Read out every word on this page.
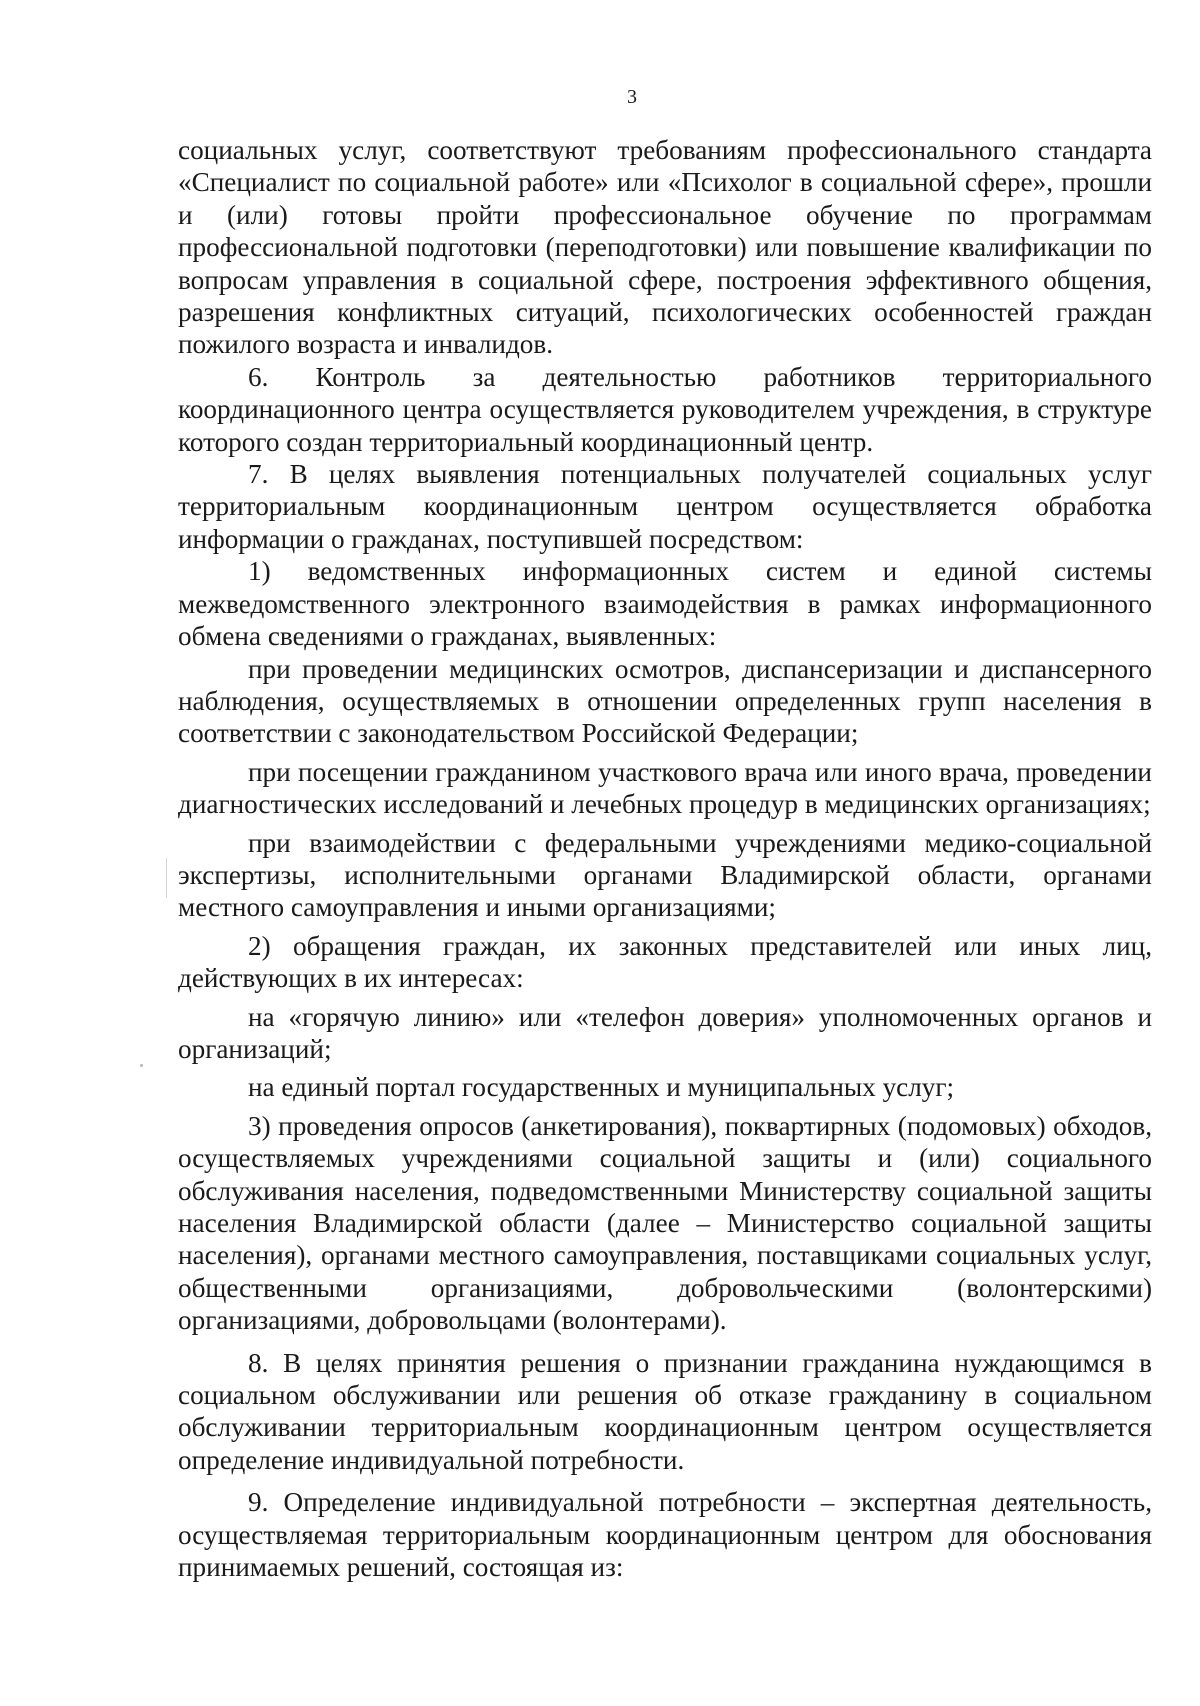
3

социальных услуг, соответствуют требованиям профессионального стандарта «Специалист по социальной работе» или «Психолог в социальной сфере», прошли и (или) готовы пройти профессиональное обучение по программам профессиональной подготовки (переподготовки) или повышение квалификации по вопросам управления в социальной сфере, построения эффективного общения, разрешения конфликтных ситуаций, психологических особенностей граждан пожилого возраста и инвалидов.

6. Контроль за деятельностью работников территориального координационного центра осуществляется руководителем учреждения, в структуре которого создан территориальный координационный центр.

7. В целях выявления потенциальных получателей социальных услуг территориальным координационным центром осуществляется обработка информации о гражданах, поступившей посредством:

1) ведомственных информационных систем и единой системы межведомственного электронного взаимодействия в рамках информационного обмена сведениями о гражданах, выявленных:

при проведении медицинских осмотров, диспансеризации и диспансерного наблюдения, осуществляемых в отношении определенных групп населения в соответствии с законодательством Российской Федерации;

при посещении гражданином участкового врача или иного врача, проведении диагностических исследований и лечебных процедур в медицинских организациях;

при взаимодействии с федеральными учреждениями медико-социальной экспертизы, исполнительными органами Владимирской области, органами местного самоуправления и иными организациями;

2) обращения граждан, их законных представителей или иных лиц, действующих в их интересах:

на «горячую линию» или «телефон доверия» уполномоченных органов и организаций;

на единый портал государственных и муниципальных услуг;

3) проведения опросов (анкетирования), поквартирных (подомовых) обходов, осуществляемых учреждениями социальной защиты и (или) социального обслуживания населения, подведомственными Министерству социальной защиты населения Владимирской области (далее – Министерство социальной защиты населения), органами местного самоуправления, поставщиками социальных услуг, общественными организациями, добровольческими (волонтерскими) организациями, добровольцами (волонтерами).

8. В целях принятия решения о признании гражданина нуждающимся в социальном обслуживании или решения об отказе гражданину в социальном обслуживании территориальным координационным центром осуществляется определение индивидуальной потребности.

9. Определение индивидуальной потребности – экспертная деятельность, осуществляемая территориальным координационным центром для обоснования принимаемых решений, состоящая из:
